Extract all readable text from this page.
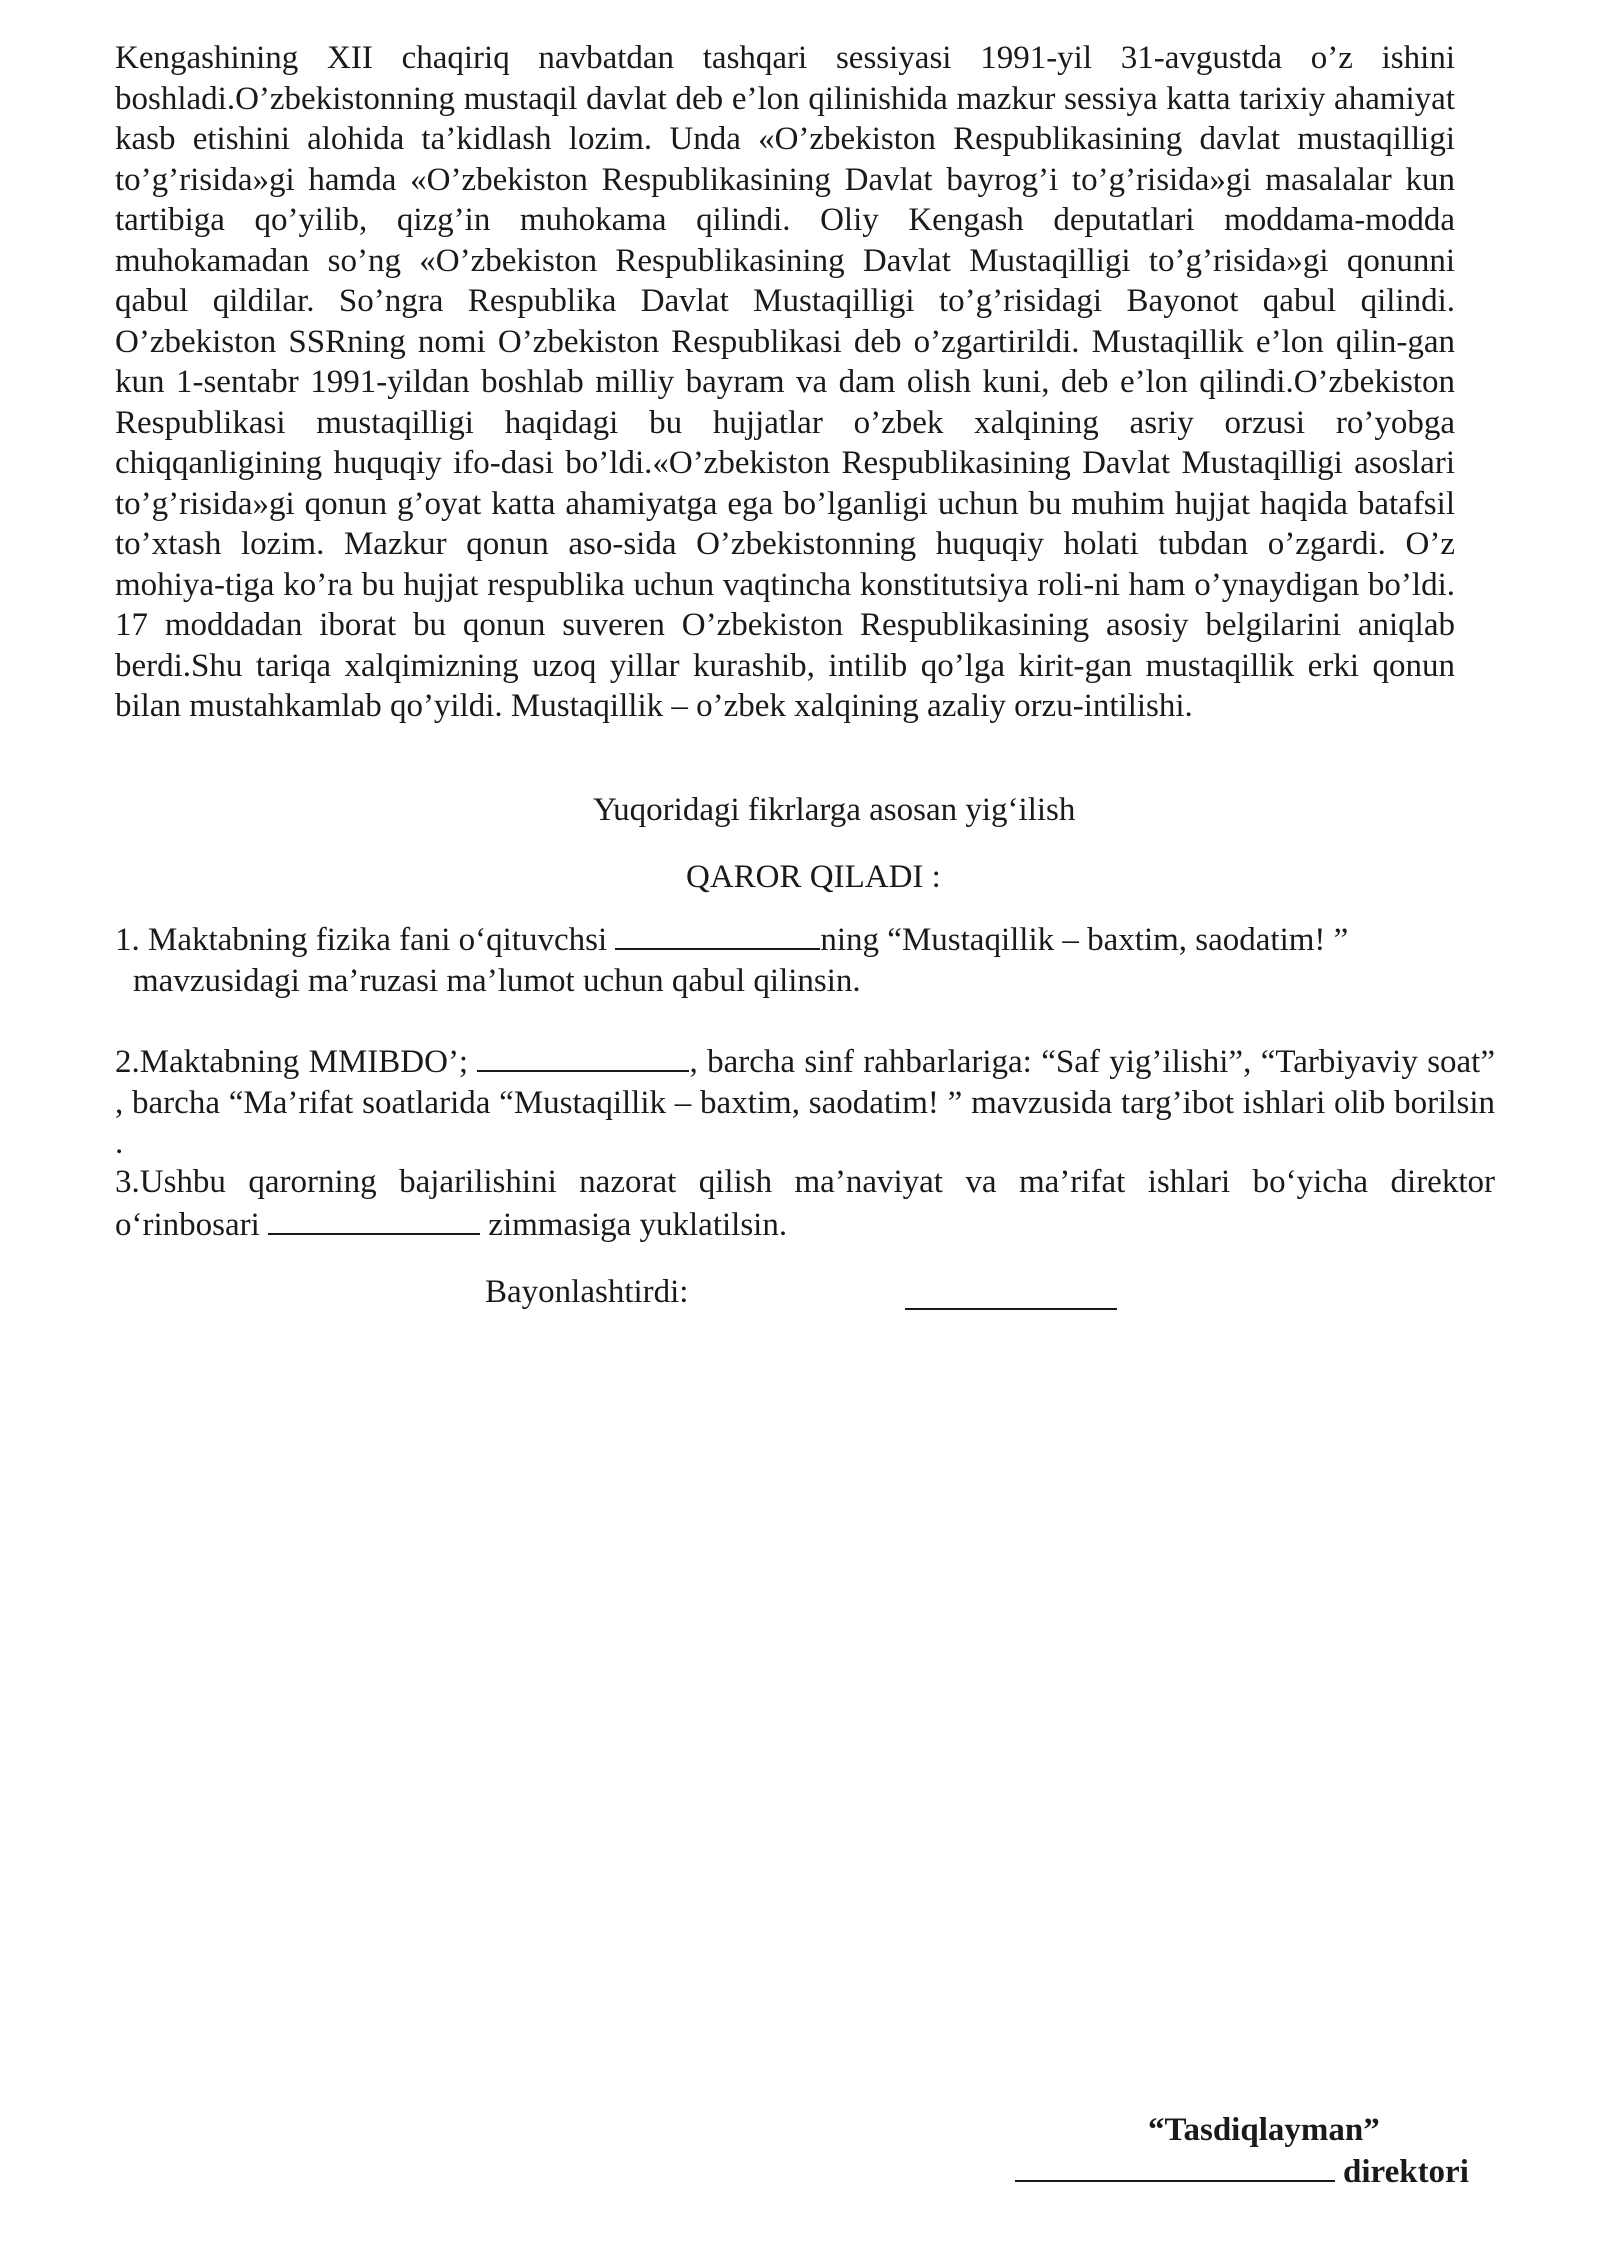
Kengashining XII chaqiriq navbatdan tashqari sessiyasi 1991-yil 31-avgustda o’z ishini boshladi.O’zbekistonning mustaqil davlat deb e’lon qilinishida mazkur sessiya katta tarixiy ahamiyat kasb etishini alohida ta’kidlash lozim. Unda «O’zbekiston Respublikasining davlat mustaqilligi to’g’risida»gi hamda «O’zbekiston Respublikasining Davlat bayrog’i to’g’risida»gi masalalar kun tartibiga qo’yilib, qizg’in muhokama qilindi. Oliy Kengash deputatlari moddama-modda muhokamadan so’ng «O’zbekiston Respublikasining Davlat Mustaqilligi to’g’risida»gi qonunni qabul qildilar. So’ngra Respublika Davlat Mustaqilligi to’g’risidagi Bayonot qabul qilindi. O’zbekiston SSRning nomi O’zbekiston Respublikasi deb o’zgartirildi. Mustaqillik e’lon qilin-gan kun 1-sentabr 1991-yildan boshlab milliy bayram va dam olish kuni, deb e’lon qilindi.O’zbekiston Respublikasi mustaqilligi haqidagi bu hujjatlar o’zbek xalqining asriy orzusi ro’yobga chiqqanligining huquqiy ifo-dasi bo’ldi.«O’zbekiston Respublikasining Davlat Mustaqilligi asoslari to’g’risida»gi qonun g’oyat katta ahamiyatga ega bo’lganligi uchun bu muhim hujjat haqida batafsil to’xtash lozim. Mazkur qonun aso-sida O’zbekistonning huquqiy holati tubdan o’zgardi. O’z mohiya-tiga ko’ra bu hujjat respublika uchun vaqtincha konstitutsiya roli-ni ham o’ynaydigan bo’ldi. 17 moddadan iborat bu qonun suveren O’zbekiston Respublikasining asosiy belgilarini aniqlab berdi.Shu tariqa xalqimizning uzoq yillar kurashib, intilib qo’lga kirit-gan mustaqillik erki qonun bilan mustahkamlab qo’yildi. Mustaqillik – o’zbek xalqining azaliy orzu-intilishi.

Yuqoridagi fikrlarga asosan yig‘ilish

QAROR QILADI :

1. Maktabning fizika fani o‘qituvchsi	ning “Mustaqillik – baxtim, saodatim! ”
mavzusidagi ma’ruzasi ma’lumot uchun qabul qilinsin.
2.Maktabning MMIBDO’;	, barcha sinf rahbarlariga: “Saf yig’ilishi”, “Tarbiyaviy soat” , barcha “Ma’rifat soatlarida “Mustaqillik – baxtim, saodatim! ” mavzusida targ’ibot ishlari olib borilsin .
3.Ushbu qarorning bajarilishini nazorat qilish ma’naviyat va ma’rifat ishlari bo‘yicha direktor o‘rinbosari	zimmasiga yuklatilsin.
Bayonlashtirdi:
“Tasdiqlayman”
direktori
